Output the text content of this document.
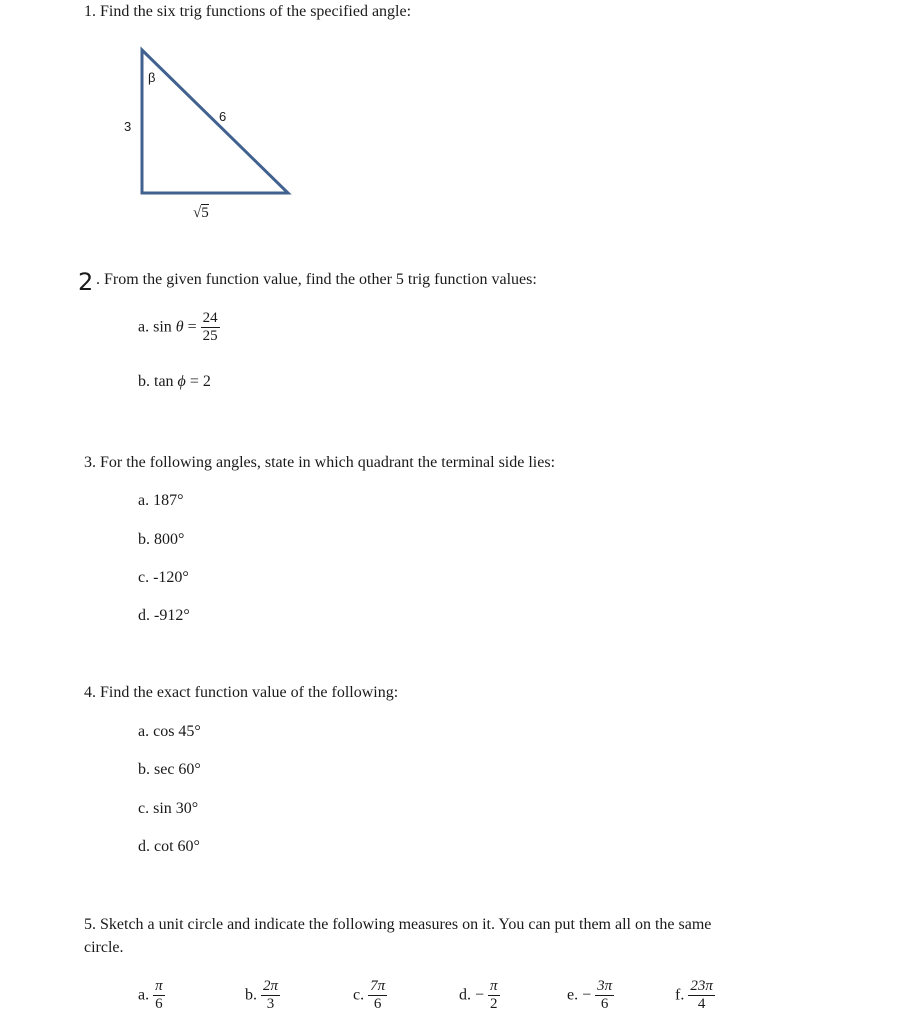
1. Find the six trig functions of the specified angle:
β
3
6
√5
2 . From the given function value, find the other 5 trig function values:
a. $\sin \theta = \frac{24}{25}$
b. tan ϕ = 2
3. For the following angles, state in which quadrant the terminal side lies:
a. 187°
b. 800°
c. -120°
d. -912°
4. Find the exact function value of the following:
a. cos 45°
b. sec 60°
c. sin 30°
d. cot 60°
5. Sketch a unit circle and indicate the following measures on it. You can put them all on the same
circle.
a. $\frac{\pi}{6}$	b. $\frac{2\pi}{3}$	c. $\frac{7\pi}{6}$	d. − $\frac{\pi}{2}$	e. − $\frac{3\pi}{6}$	f. $\frac{23\pi}{4}$
